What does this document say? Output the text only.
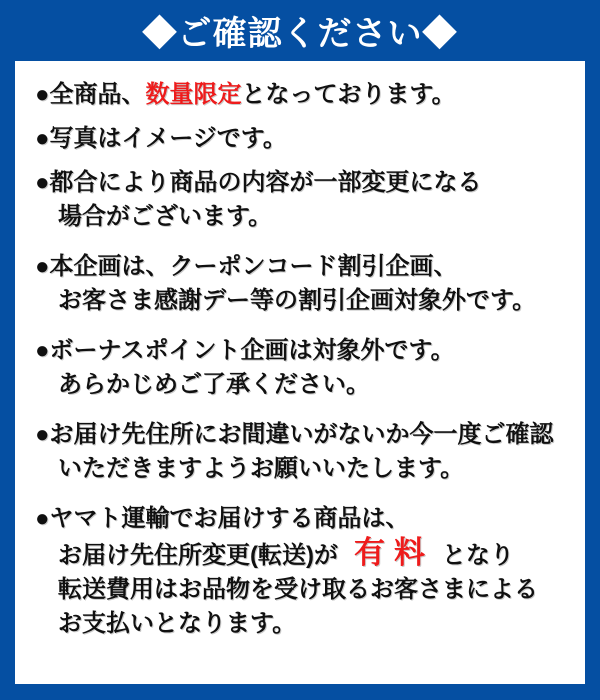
◆ご確認ください◆
●全商品、数量限定となっております。
●写真はイメージです。
●都合により商品の内容が一部変更になる
場合がございます。
●本企画は、クーポンコード割引企画、
お客さま感謝デー等の割引企画対象外です。
●ボーナスポイント企画は対象外です。
あらかじめご了承ください。
●お届け先住所にお間違いがないか今一度ご確認
いただきますようお願いいたします。
●ヤマト運輸でお届けする商品は、
お届け先住所変更(転送)が 有料 となり
転送費用はお品物を受け取るお客さまによる
お支払いとなります。
